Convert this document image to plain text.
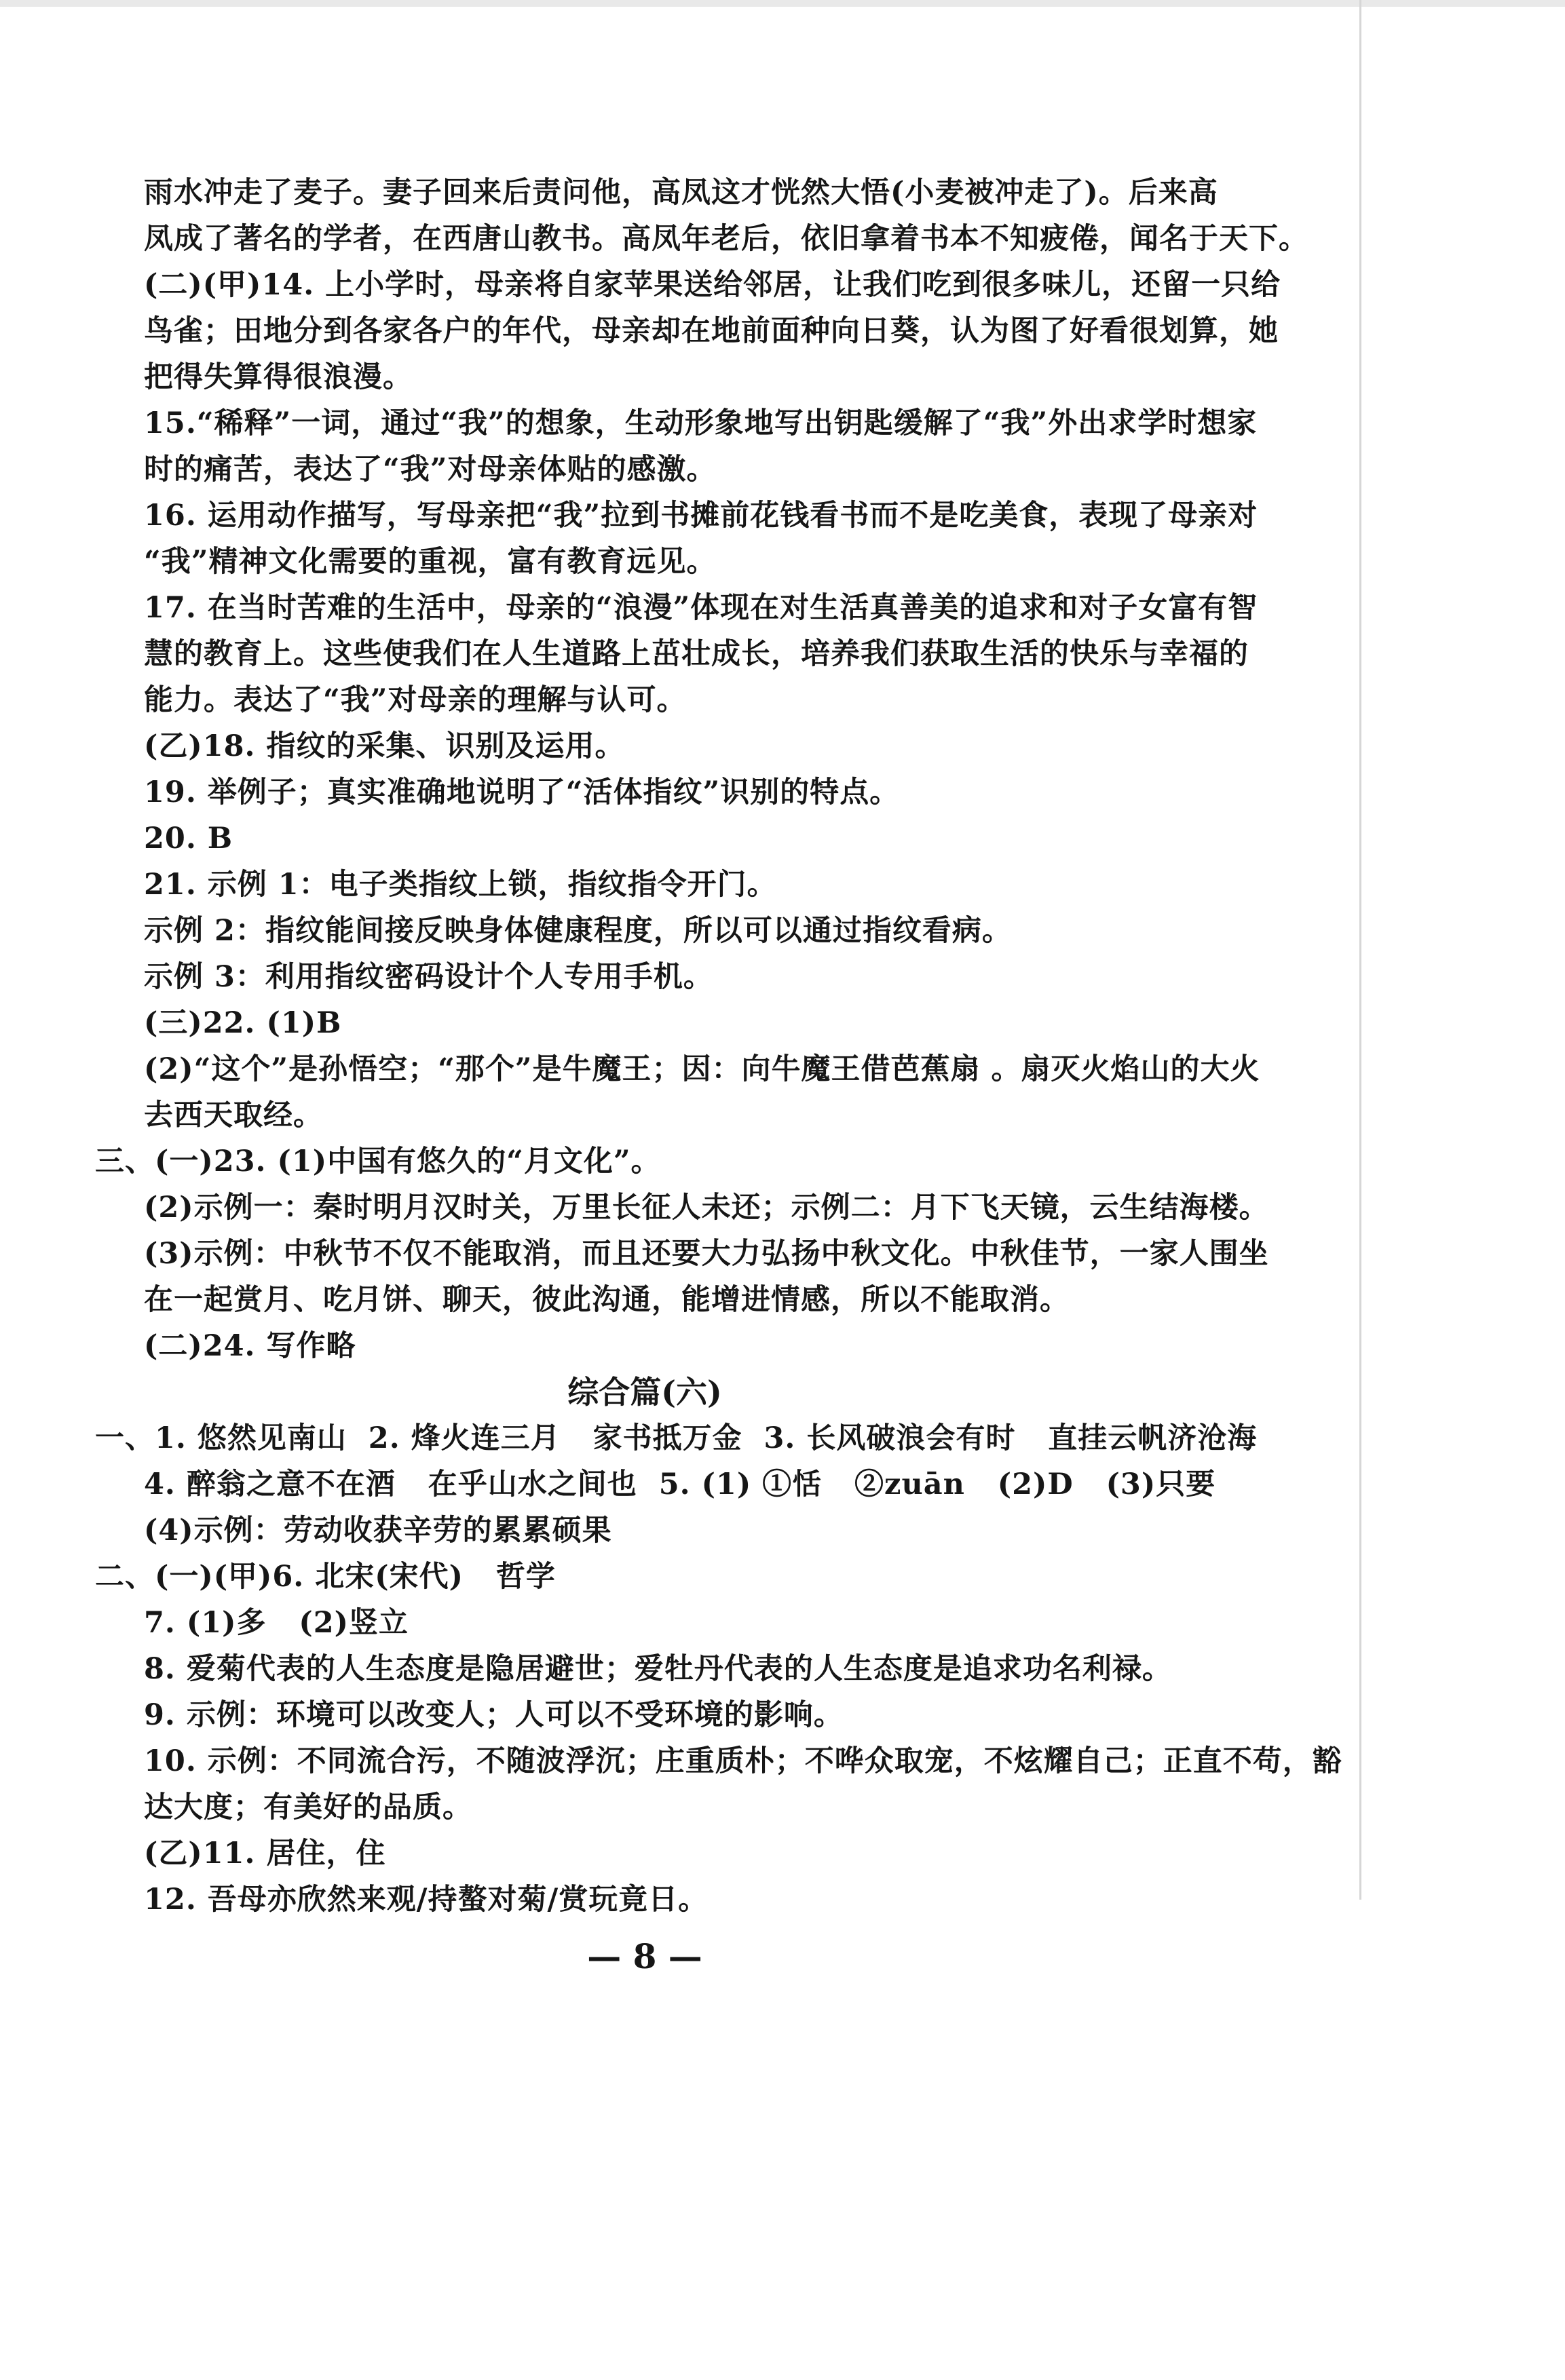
雨水冲走了麦子。妻子回来后责问他，高凤这才恍然大悟(小麦被冲走了)。后来高
凤成了著名的学者，在西唐山教书。高凤年老后，依旧拿着书本不知疲倦，闻名于天下。
(二)(甲)14. 上小学时，母亲将自家苹果送给邻居，让我们吃到很多味儿，还留一只给
鸟雀；田地分到各家各户的年代，母亲却在地前面种向日葵，认为图了好看很划算，她
把得失算得很浪漫。
15.“稀释”一词，通过“我”的想象，生动形象地写出钥匙缓解了“我”外出求学时想家
时的痛苦，表达了“我”对母亲体贴的感激。
16. 运用动作描写，写母亲把“我”拉到书摊前花钱看书而不是吃美食，表现了母亲对
“我”精神文化需要的重视，富有教育远见。
17. 在当时苦难的生活中，母亲的“浪漫”体现在对生活真善美的追求和对子女富有智
慧的教育上。这些使我们在人生道路上茁壮成长，培养我们获取生活的快乐与幸福的
能力。表达了“我”对母亲的理解与认可。
(乙)18. 指纹的采集、识别及运用。
19. 举例子；真实准确地说明了“活体指纹”识别的特点。
20. B
21. 示例 1：电子类指纹上锁，指纹指令开门。
示例 2：指纹能间接反映身体健康程度，所以可以通过指纹看病。
示例 3：利用指纹密码设计个人专用手机。
(三)22. (1)B
(2)“这个”是孙悟空；“那个”是牛魔王；因：向牛魔王借芭蕉扇 。扇灭火焰山的大火
去西天取经。
三、(一)23. (1)中国有悠久的“月文化”。
(2)示例一：秦时明月汉时关，万里长征人未还；示例二：月下飞天镜，云生结海楼。
(3)示例：中秋节不仅不能取消，而且还要大力弘扬中秋文化。中秋佳节，一家人围坐
在一起赏月、吃月饼、聊天，彼此沟通，能增进情感，所以不能取消。
(二)24. 写作略
综合篇(六)
一、1. 悠然见南山  2. 烽火连三月   家书抵万金  3. 长风破浪会有时   直挂云帆济沧海
4. 醉翁之意不在酒   在乎山水之间也  5. (1) ①恬   ②zuān   (2)D   (3)只要
(4)示例：劳动收获辛劳的累累硕果
二、(一)(甲)6. 北宋(宋代)   哲学
7. (1)多   (2)竖立
8. 爱菊代表的人生态度是隐居避世；爱牡丹代表的人生态度是追求功名利禄。
9. 示例：环境可以改变人；人可以不受环境的影响。
10. 示例：不同流合污，不随波浮沉；庄重质朴；不哗众取宠，不炫耀自己；正直不苟，豁
达大度；有美好的品质。
(乙)11. 居住，住
12. 吾母亦欣然来观/持螯对菊/赏玩竟日。
— 8 —
